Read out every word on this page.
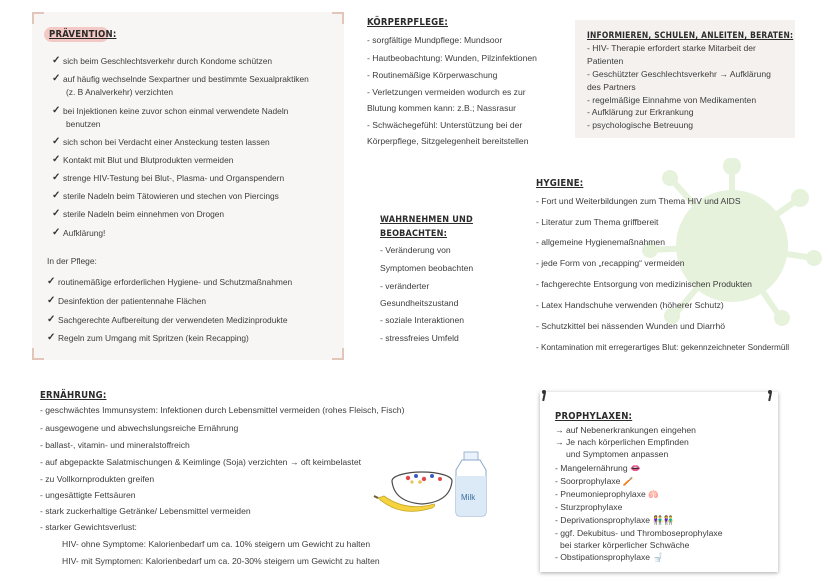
PRÄVENTION:
✓ sich beim Geschlechtsverkehr durch Kondome schützen
✓ auf häufig wechselnde Sexpartner und bestimmte Sexualpraktiken
(z. B Analverkehr) verzichten
✓ bei Injektionen keine zuvor schon einmal verwendete Nadeln
benutzen
✓ sich schon bei Verdacht einer Ansteckung testen lassen
✓ Kontakt mit Blut und Blutprodukten vermeiden
✓ strenge HIV-Testung bei Blut-, Plasma- und Organspendern
✓ sterile Nadeln beim Tätowieren und stechen von Piercings
✓ sterile Nadeln beim einnehmen von Drogen
✓ Aufklärung!
In der Pflege:
✓ routinemäßige erforderlichen Hygiene- und Schutzmaßnahmen
✓ Desinfektion der patientennahe Flächen
✓ Sachgerechte Aufbereitung der verwendeten Medizinprodukte
✓ Regeln zum Umgang mit Spritzen (kein Recapping)
KÖRPERPFLEGE:
- sorgfältige Mundpflege: Mundsoor
- Hautbeobachtung: Wunden, Pilzinfektionen
- Routinemäßige Körperwaschung
- Verletzungen vermeiden wodurch es zur
Blutung kommen kann: z.B.; Nassrasur
- Schwächegefühl: Unterstützung bei der
Körperpflege, Sitzgelegenheit bereitstellen
INFORMIEREN, SCHULEN, ANLEITEN, BERATEN:
- HIV- Therapie erfordert starke Mitarbeit der
Patienten
- Geschützter Geschlechtsverkehr → Aufklärung
des Partners
- regelmäßige Einnahme von Medikamenten
- Aufklärung zur Erkrankung
- psychologische Betreuung
WAHRNEHMEN UND
BEOBACHTEN:
- Veränderung von
Symptomen beobachten
- veränderter
Gesundheitszustand
- soziale Interaktionen
- stressfreies Umfeld
HYGIENE:
- Fort und Weiterbildungen zum Thema HIV und AIDS
- Literatur zum Thema griffbereit
- allgemeine Hygienemaßnahmen
- jede Form von „recapping“ vermeiden
- fachgerechte Entsorgung von medizinischen Produkten
- Latex Handschuhe verwenden (höherer Schutz)
- Schutzkittel bei nässenden Wunden und Diarrhö
- Kontamination mit erregerartiges Blut: gekennzeichneter Sondermüll
ERNÄHRUNG:
- geschwächtes Immunsystem: Infektionen durch Lebensmittel vermeiden (rohes Fleisch, Fisch)
- ausgewogene und abwechslungsreiche Ernährung
- ballast-, vitamin- und mineralstoffreich
- auf abgepackte Salatmischungen & Keimlinge (Soja) verzichten → oft keimbelastet
- zu Vollkornprodukten greifen
- ungesättigte Fettsäuren
- stark zuckerhaltige Getränke/ Lebensmittel vermeiden
- starker Gewichtsverlust:
HIV- ohne Symptome: Kalorienbedarf um ca. 10% steigern um Gewicht zu halten
HIV- mit Symptomen: Kalorienbedarf um ca. 20-30% steigern um Gewicht zu halten
Milk
PROPHYLAXEN:
→ auf Nebenerkrankungen eingehen
→ Je nach körperlichen Empfinden
und Symptomen anpassen
- Mangelernährung 👄
- Soorprophylaxe 🪥
- Pneumonieprophylaxe 🫁
- Sturzprophylaxe
- Deprivationsprophylaxe 👫👫
- ggf. Dekubitus- und Thromboseprophylaxe
bei starker körperlicher Schwäche
- Obstipationsprophylaxe 🚽
